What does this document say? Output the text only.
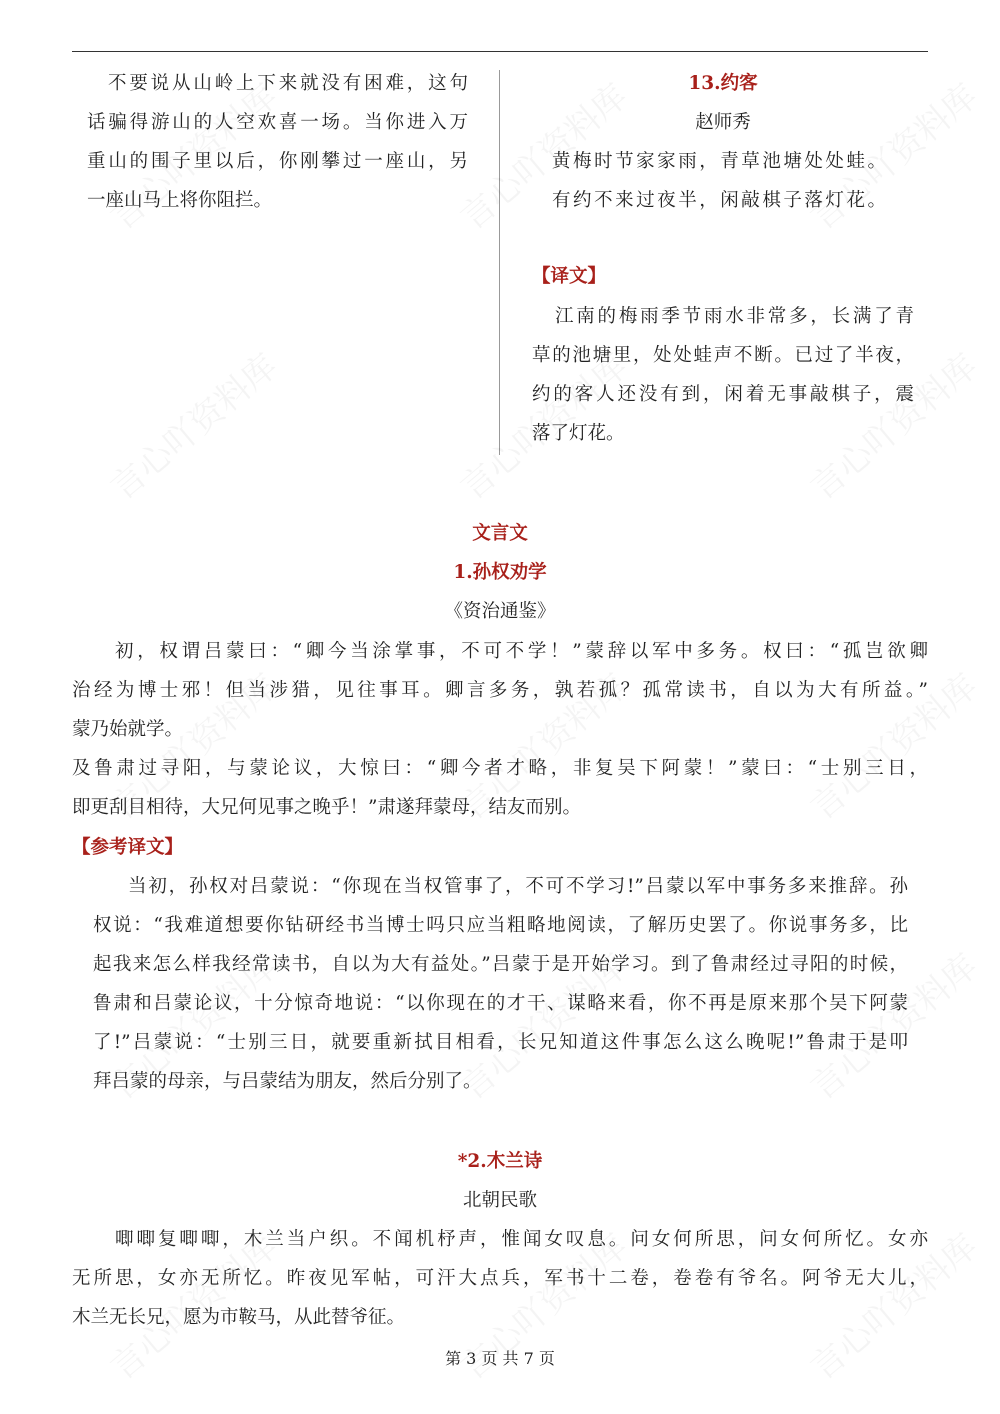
不要说从山岭上下来就没有困难，这句
话骗得游山的人空欢喜一场。当你进入万
重山的围子里以后，你刚攀过一座山，另
一座山马上将你阻拦。
13.约客
赵师秀
黄梅时节家家雨，青草池塘处处蛙。
有约不来过夜半，闲敲棋子落灯花。
【译文】
江南的梅雨季节雨水非常多，长满了青
草的池塘里，处处蛙声不断。已过了半夜，
约的客人还没有到，闲着无事敲棋子，震
落了灯花。
文言文
1.孙权劝学
《资治通鉴》
初，权谓吕蒙曰：“卿今当涂掌事，不可不学！”蒙辞以军中多务。权曰：“孤岂欲卿
治经为博士邪！但当涉猎，见往事耳。卿言多务，孰若孤？孤常读书，自以为大有所益。”
蒙乃始就学。
及鲁肃过寻阳，与蒙论议，大惊曰：“卿今者才略，非复吴下阿蒙！”蒙曰：“士别三日，
即更刮目相待，大兄何见事之晚乎！”肃遂拜蒙母，结友而别。
【参考译文】
当初，孙权对吕蒙说：“你现在当权管事了，不可不学习!”吕蒙以军中事务多来推辞。孙
权说：“我难道想要你钻研经书当博士吗只应当粗略地阅读，了解历史罢了。你说事务多，比
起我来怎么样我经常读书，自以为大有益处。”吕蒙于是开始学习。到了鲁肃经过寻阳的时候，
鲁肃和吕蒙论议，十分惊奇地说：“以你现在的才干、谋略来看，你不再是原来那个吴下阿蒙
了!”吕蒙说：“士别三日，就要重新拭目相看，长兄知道这件事怎么这么晚呢!”鲁肃于是叩
拜吕蒙的母亲，与吕蒙结为朋友，然后分别了。
*2.木兰诗
北朝民歌
唧唧复唧唧，木兰当户织。不闻机杼声，惟闻女叹息。问女何所思，问女何所忆。女亦
无所思，女亦无所忆。昨夜见军帖，可汗大点兵，军书十二卷，卷卷有爷名。阿爷无大儿，
木兰无长兄，愿为市鞍马，从此替爷征。
第 3 页 共 7 页
